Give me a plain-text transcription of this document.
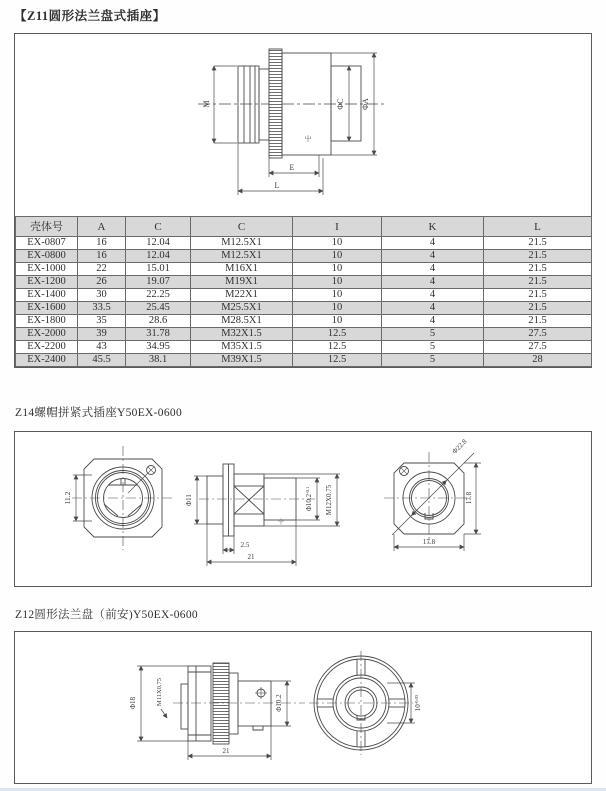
【Z11圆形法兰盘式插座】
M	ΦC ΦA
E
L
屮
壳体号	A	C	C	I	K	L
EX-0807	16	12.04	M12.5X1	10	4	21.5
EX-0800	16	12.04	M12.5X1	10	4	21.5
EX-1000	22	15.01	M16X1	10	4	21.5
EX-1200	26	19.07	M19X1	10	4	21.5
EX-1400	30	22.25	M22X1	10	4	21.5
EX-1600	33.5	25.45	M25.5X1	10	4	21.5
EX-1800	35	28.6	M28.5X1	10	4	21.5
EX-2000	39	31.78	M32X1.5	12.5	5	27.5
EX-2200	43	34.95	M35X1.5	12.5	5	27.5
EX-2400	45.5	38.1	M39X1.5	12.5	5	28
Z14螺帽拼紧式插座Y50EX-0600
11.2	Φ11	$\Phi 10.2^{-0.1}$	M12X0.75
2.5
21
屮
Φ22.8
17.8
17.8
Z12圆形法兰盘（前安)Y50EX-0600
Φ18	M11X0.75	Φ10.2
21
$10^{-0.03}$
